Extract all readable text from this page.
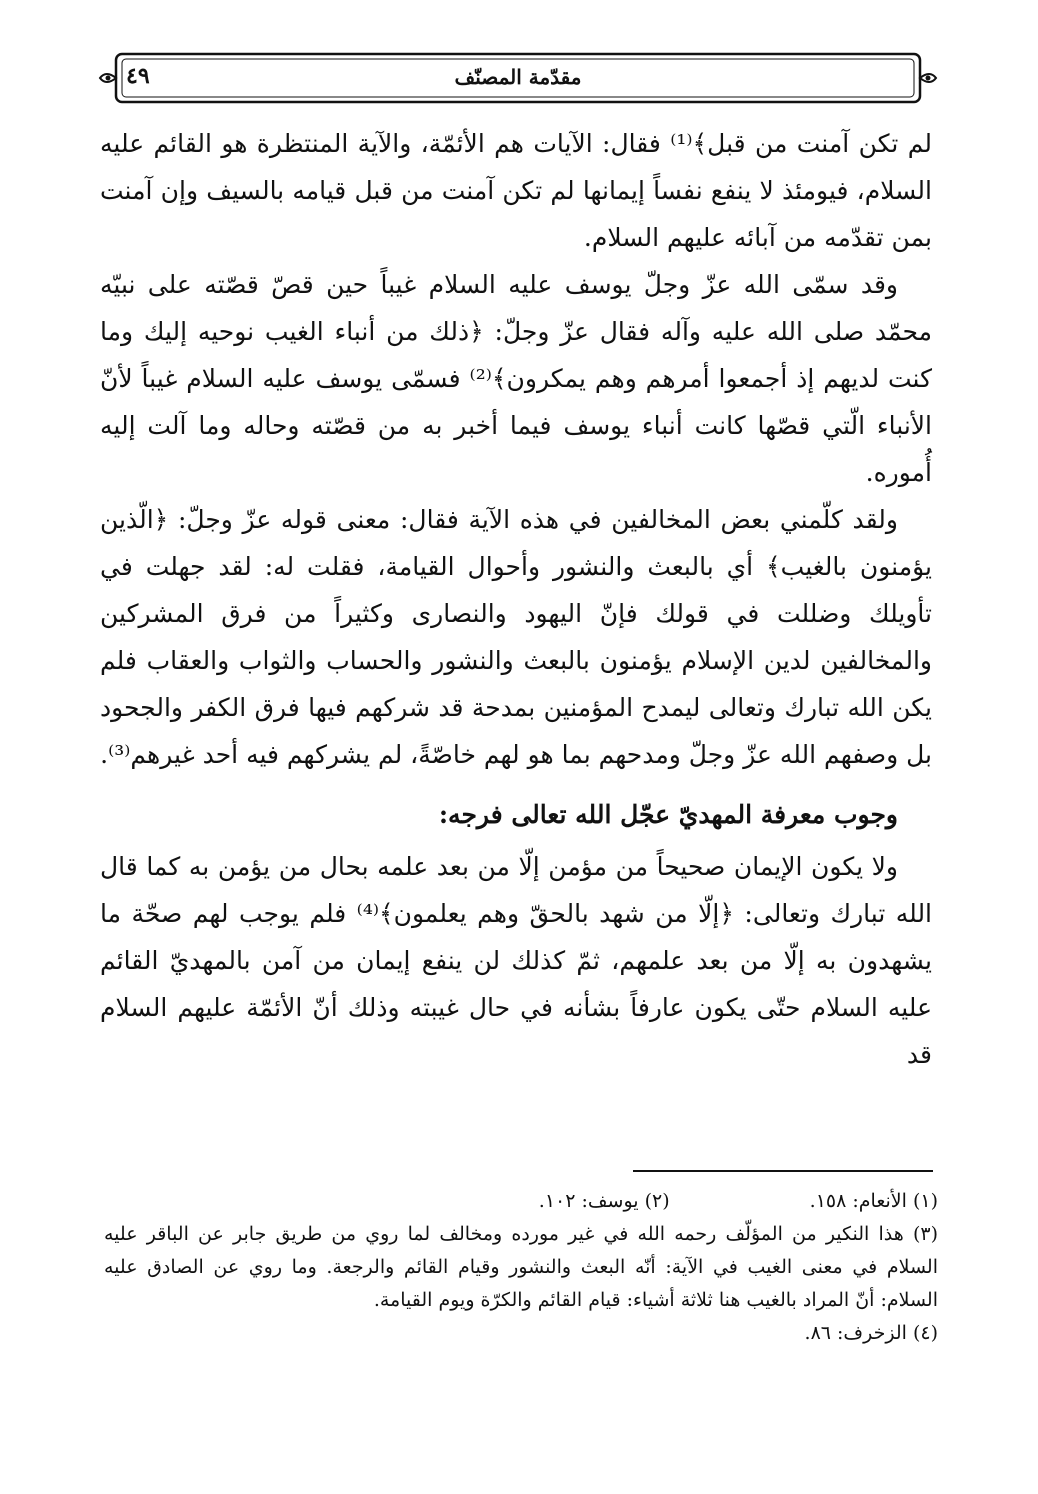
مقدّمة المصنّف
٤٩

لم تكن آمنت من قبل﴾⁽¹⁾ فقال: الآيات هم الأئمّة، والآية المنتظرة هو القائم عليه السلام، فيومئذ لا ينفع نفساً إيمانها لم تكن آمنت من قبل قيامه بالسيف وإن آمنت بمن تقدّمه من آبائه عليهم السلام.

وقد سمّى الله عزّ وجلّ يوسف عليه السلام غيباً حين قصّ قصّته على نبيّه محمّد صلى الله عليه وآله فقال عزّ وجلّ: ﴿ذلك من أنباء الغيب نوحيه إليك وما كنت لديهم إذ أجمعوا أمرهم وهم يمكرون﴾⁽²⁾ فسمّى يوسف عليه السلام غيباً لأنّ الأنباء الّتي قصّها كانت أنباء يوسف فيما أخبر به من قصّته وحاله وما آلت إليه أُموره.

ولقد كلّمني بعض المخالفين في هذه الآية فقال: معنى قوله عزّ وجلّ: ﴿الّذين يؤمنون بالغيب﴾ أي بالبعث والنشور وأحوال القيامة، فقلت له: لقد جهلت في تأويلك وضللت في قولك فإنّ اليهود والنصارى وكثيراً من فرق المشركين والمخالفين لدين الإسلام يؤمنون بالبعث والنشور والحساب والثواب والعقاب فلم يكن الله تبارك وتعالى ليمدح المؤمنين بمدحة قد شركهم فيها فرق الكفر والجحود بل وصفهم الله عزّ وجلّ ومدحهم بما هو لهم خاصّةً، لم يشركهم فيه أحد غيرهم⁽³⁾.

وجوب معرفة المهديّ عجّل الله تعالى فرجه:

ولا يكون الإيمان صحيحاً من مؤمن إلّا من بعد علمه بحال من يؤمن به كما قال الله تبارك وتعالى: ﴿إلّا من شهد بالحقّ وهم يعلمون﴾⁽⁴⁾ فلم يوجب لهم صحّة ما يشهدون به إلّا من بعد علمهم، ثمّ كذلك لن ينفع إيمان من آمن بالمهديّ القائم عليه السلام حتّى يكون عارفاً بشأنه في حال غيبته وذلك أنّ الأئمّة عليهم السلام قد

(١) الأنعام: ١٥٨.
(٢) يوسف: ١٠٢.
(٣) هذا النكير من المؤلّف رحمه الله في غير مورده ومخالف لما روي من طريق جابر عن الباقر عليه السلام في معنى الغيب في الآية: أنّه البعث والنشور وقيام القائم والرجعة. وما روي عن الصادق عليه السلام: أنّ المراد بالغيب هنا ثلاثة أشياء: قيام القائم والكرّة ويوم القيامة.
(٤) الزخرف: ٨٦.
